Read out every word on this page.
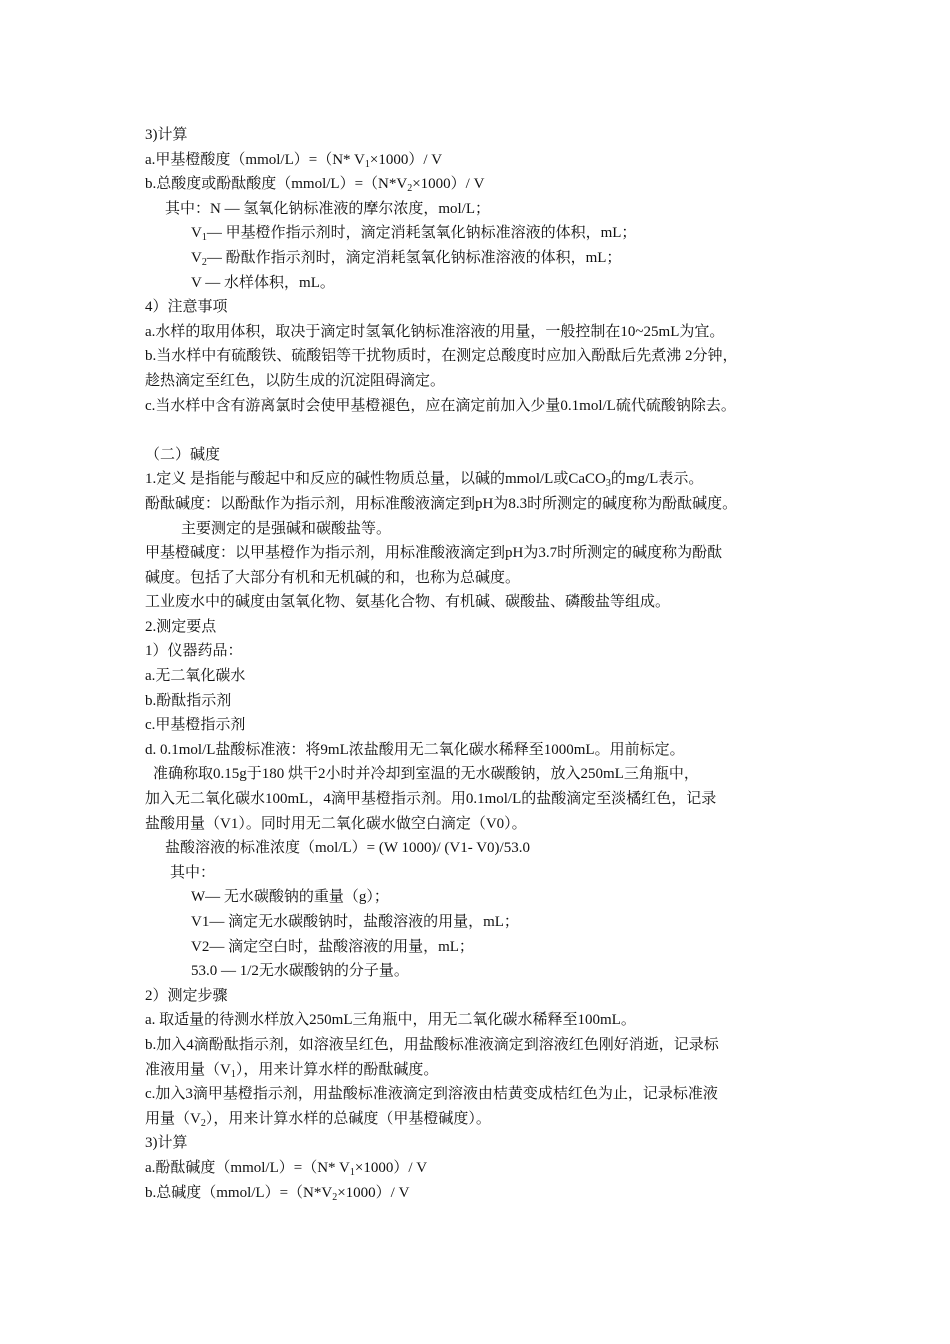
3)计算
a.甲基橙酸度（mmol/L）=（N* $V_1\times 1000)/$ V
b.总酸度或酚酞酸度$(mmol/L)=(N*V_2\times 1000)/$ V
其中：N — 氢氧化钠标准液的摩尔浓度，mol/L；
$V_1—$ 甲基橙作指示剂时，滴定消耗氢氧化钠标准溶液的体积，mL；
$V_2—$ 酚酞作指示剂时，滴定消耗氢氧化钠标准溶液的体积，mL；
V — 水样体积，mL。
4）注意事项
a.水样的取用体积，取决于滴定时氢氧化钠标准溶液的用量，一般控制在10~25mL为宜。
b.当水样中有硫酸铁、硫酸铝等干扰物质时，在测定总酸度时应加入酚酞后先煮沸 2分钟，
趁热滴定至红色，以防生成的沉淀阻碍滴定。
c.当水样中含有游离氯时会使甲基橙褪色，应在滴定前加入少量0.1mol/L硫代硫酸钠除去。
（二）碱度
1.定义 是指能与酸起中和反应的碱性物质总量，以碱的mmol/L或CaCO$_3$的mg/L表示。
酚酞碱度：以酚酞作为指示剂，用标准酸液滴定到pH为8.3时所测定的碱度称为酚酞碱度。
主要测定的是强碱和碳酸盐等。
甲基橙碱度：以甲基橙作为指示剂，用标准酸液滴定到pH为3.7时所测定的碱度称为酚酞
碱度。包括了大部分有机和无机碱的和，也称为总碱度。
工业废水中的碱度由氢氧化物、氨基化合物、有机碱、碳酸盐、磷酸盐等组成。
2.测定要点
1）仪器药品：
a.无二氧化碳水
b.酚酞指示剂
c.甲基橙指示剂
d. 0.1mol/L盐酸标准液：将9mL浓盐酸用无二氧化碳水稀释至1000mL。用前标定。
准确称取0.15g于180 烘干2小时并冷却到室温的无水碳酸钠，放入250mL三角瓶中，
加入无二氧化碳水100mL，4滴甲基橙指示剂。用0.1mol/L的盐酸滴定至淡橘红色，记录
盐酸用量（V1）。同时用无二氧化碳水做空白滴定（V0）。
盐酸溶液的标准浓度（mol/L）= (W 1000)/ (V1- V0)/53.0
其中：
W— 无水碳酸钠的重量（g）；
V1— 滴定无水碳酸钠时，盐酸溶液的用量，mL；
V2— 滴定空白时，盐酸溶液的用量，mL；
53.0 — 1/2无水碳酸钠的分子量。
2）测定步骤
a. 取适量的待测水样放入250mL三角瓶中，用无二氧化碳水稀释至100mL。
b.加入4滴酚酞指示剂，如溶液呈红色，用盐酸标准液滴定到溶液红色刚好消逝，记录标
准液用量$(V_1)$，用来计算水样的酚酞碱度。
c.加入3滴甲基橙指示剂，用盐酸标准液滴定到溶液由桔黄变成桔红色为止，记录标准液
用量$(V_2)$，用来计算水样的总碱度（甲基橙碱度）。
3)计算
a.酚酞碱度（mmol/L）=（N* $V_1\times 1000)/$ V
b.总碱度$(mmol/L)=(N*V_2\times 1000)/$ V
